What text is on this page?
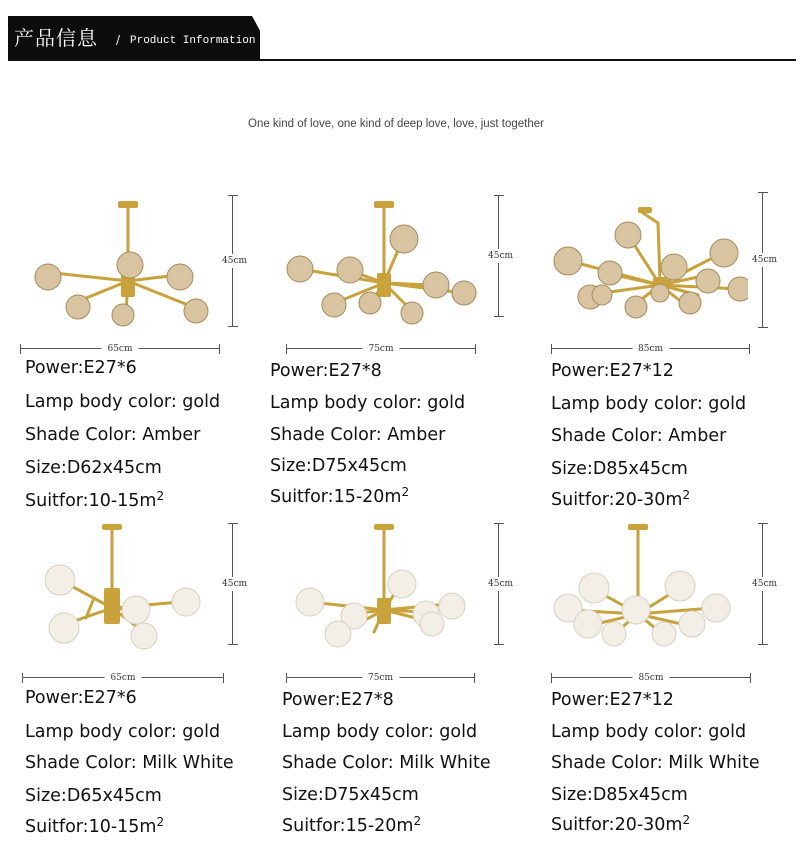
产品信息 / Product Information
One kind of love, one kind of deep love, love, just together
45cm
65cm
Power:E27*6
Lamp body color: gold
Shade Color: Amber
Size:D62x45cm
$Suitfor:10-15m^2$
45cm
75cm
Power:E27*8
Lamp body color: gold
Shade Color: Amber
Size:D75x45cm
$Suitfor:15-20m^2$
45cm
85cm
Power:E27*12
Lamp body color: gold
Shade Color: Amber
Size:D85x45cm
$Suitfor:20-30m^2$
45cm
65cm
Power:E27*6
Lamp body color: gold
Shade Color: Milk White
Size:D65x45cm
$Suitfor:10-15m^2$
45cm
75cm
Power:E27*8
Lamp body color: gold
Shade Color: Milk White
Size:D75x45cm
$Suitfor:15-20m^2$
45cm
85cm
Power:E27*12
Lamp body color: gold
Shade Color: Milk White
Size:D85x45cm
$Suitfor:20-30m^2$
